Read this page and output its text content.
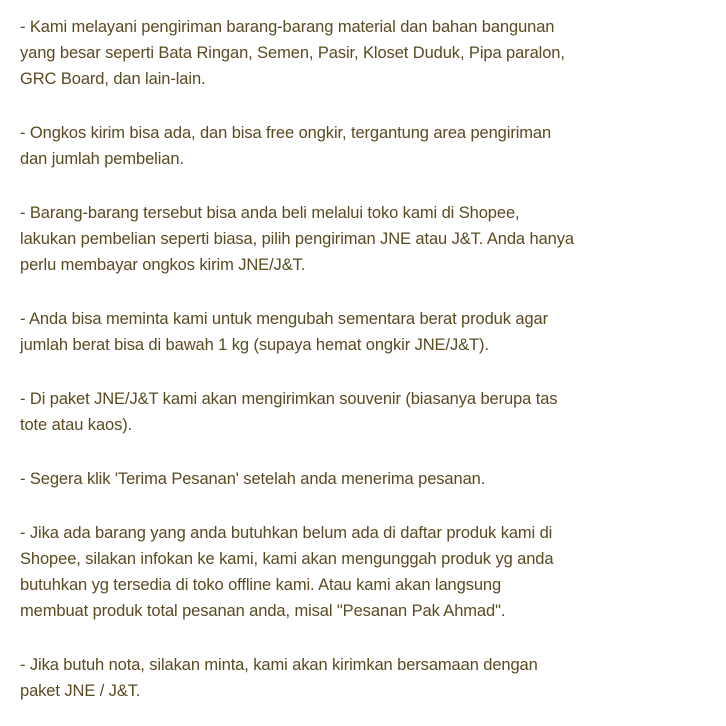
- Kami melayani pengiriman barang-barang material dan bahan bangunan
yang besar seperti Bata Ringan, Semen, Pasir, Kloset Duduk, Pipa paralon,
GRC Board, dan lain-lain.

- Ongkos kirim bisa ada, dan bisa free ongkir, tergantung area pengiriman
dan jumlah pembelian.

- Barang-barang tersebut bisa anda beli melalui toko kami di Shopee,
lakukan pembelian seperti biasa, pilih pengiriman JNE atau J&T. Anda hanya
perlu membayar ongkos kirim JNE/J&T.

- Anda bisa meminta kami untuk mengubah sementara berat produk agar
jumlah berat bisa di bawah 1 kg (supaya hemat ongkir JNE/J&T).

- Di paket JNE/J&T kami akan mengirimkan souvenir (biasanya berupa tas
tote atau kaos).

- Segera klik 'Terima Pesanan' setelah anda menerima pesanan.

- Jika ada barang yang anda butuhkan belum ada di daftar produk kami di
Shopee, silakan infokan ke kami, kami akan mengunggah produk yg anda
butuhkan yg tersedia di toko offline kami. Atau kami akan langsung
membuat produk total pesanan anda, misal "Pesanan Pak Ahmad".

- Jika butuh nota, silakan minta, kami akan kirimkan bersamaan dengan
paket JNE / J&T.
